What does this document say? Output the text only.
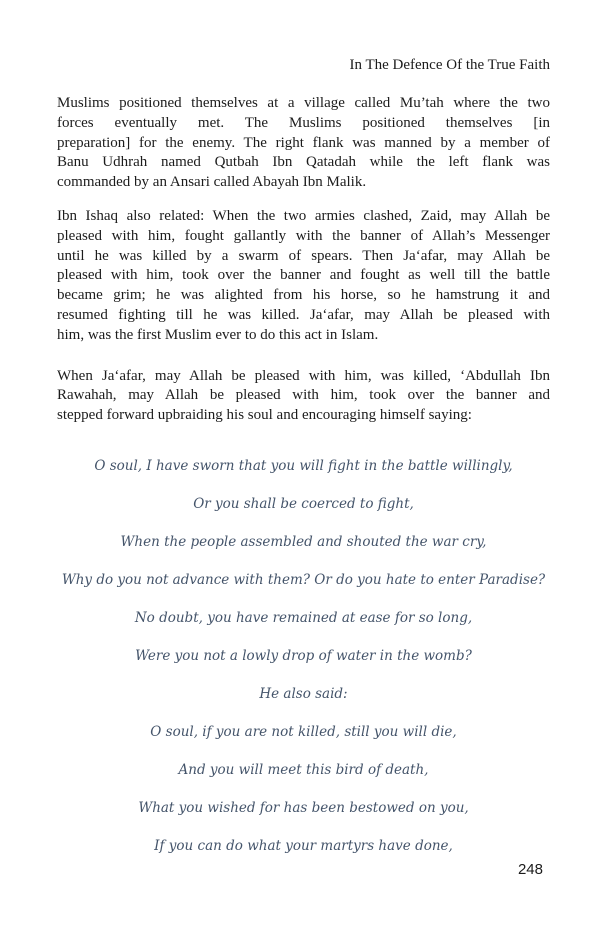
In The Defence Of the True Faith
Muslims positioned themselves at a village called Mu’tah where the two
forces eventually met. The Muslims positioned themselves [in
preparation] for the enemy. The right flank was manned by a member of
Banu Udhrah named Qutbah Ibn Qatadah while the left flank was
commanded by an Ansari called Abayah Ibn Malik.
Ibn Ishaq also related: When the two armies clashed, Zaid, may Allah be
pleased with him, fought gallantly with the banner of Allah’s Messenger
until he was killed by a swarm of spears. Then Ja‘afar, may Allah be
pleased with him, took over the banner and fought as well till the battle
became grim; he was alighted from his horse, so he hamstrung it and
resumed fighting till he was killed. Ja‘afar, may Allah be pleased with
him, was the first Muslim ever to do this act in Islam.
When Ja‘afar, may Allah be pleased with him, was killed, ‘Abdullah Ibn
Rawahah, may Allah be pleased with him, took over the banner and
stepped forward upbraiding his soul and encouraging himself saying:
O soul, I have sworn that you will fight in the battle willingly,
Or you shall be coerced to fight,
When the people assembled and shouted the war cry,
Why do you not advance with them? Or do you hate to enter Paradise?
No doubt, you have remained at ease for so long,
Were you not a lowly drop of water in the womb?
He also said:
O soul, if you are not killed, still you will die,
And you will meet this bird of death,
What you wished for has been bestowed on you,
If you can do what your martyrs have done,
248
